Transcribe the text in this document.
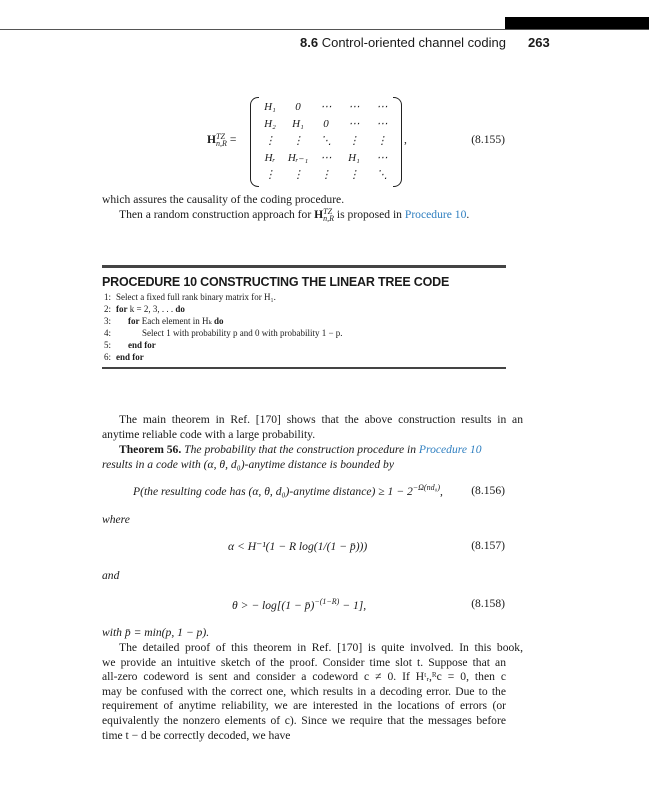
8.6 Control-oriented channel coding 263
HTZ
n,R =
H₁	0	⋯	⋯	⋯
H₂	H₁	0	⋯	⋯
⋮	⋮	⋱	⋮	⋮
Hᵣ	Hᵣ₋₁	⋯	H₁	⋯
⋮	⋮	⋮	⋮	⋱
,	(8.155)
which assures the causality of the coding procedure.
Then a random construction approach for HTZ
n,R is proposed in Procedure 10.
PROCEDURE 10 CONSTRUCTING THE LINEAR TREE CODE
1: Select a fixed full rank binary matrix for H₁.
2: for k = 2, 3, . . . do
3: for Each element in Hₖ do
4:	Select 1 with probability p and 0 with probability 1 − p.
5: end for
6: end for
The main theorem in Ref. [170] shows that the above construction results in an
anytime reliable code with a large probability.
Theorem 56. The probability that the construction procedure in Procedure 10
results in a code with (α, θ, d₀)-anytime distance is bounded by
P(the resulting code has (α, θ, d₀)-anytime distance) ≥ $1 - 2^{-\Omega(nd_0)}$, (8.156)
where
α < H⁻¹(1 − R log(1/(1 − p̄)))	(8.157)
and
θ > − log[(1 − p̄)$^{-(1-R)}$ − 1],	(8.158)
with p̄ = min(p, 1 − p).
The detailed proof of this theorem in Ref. [170] is quite involved. In this book,
we provide an intuitive sketch of the proof. Consider time slot t. Suppose that an
all-zero codeword is sent and consider a codeword c ≠ 0. If Hᵗᵣ,ᴿc = 0, then c
may be confused with the correct one, which results in a decoding error. Due to the
requirement of anytime reliability, we are interested in the locations of errors (or
equivalently the nonzero elements of c). Since we require that the messages before
time t − d be correctly decoded, we have
